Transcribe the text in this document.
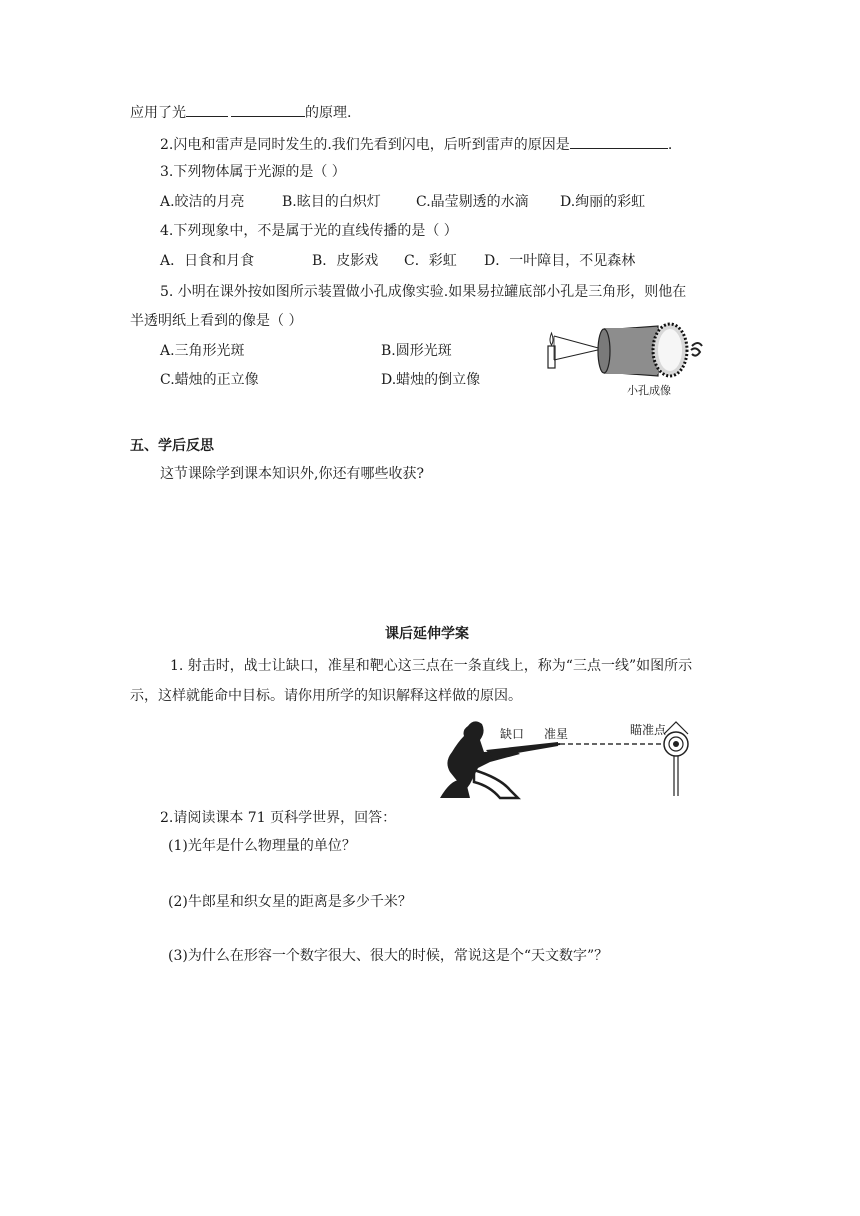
应用了光	的原理.
2.闪电和雷声是同时发生的.我们先看到闪电，后听到雷声的原因是	.
3.下列物体属于光源的是（ ）
A.皎洁的月亮	B.眩目的白炽灯	C.晶莹剔透的水滴 D.绚丽的彩虹
4.下列现象中，不是属于光的直线传播的是（ ）
A．日食和月食	B．皮影戏 C．彩虹 D．一叶障目，不见森林
5. 小明在课外按如图所示装置做小孔成像实验.如果易拉罐底部小孔是三角形，则他在
半透明纸上看到的像是（ ）
A.三角形光斑	B.圆形光斑
C.蜡烛的正立像	D.蜡烛的倒立像
小孔成像
五、学后反思
这节课除学到课本知识外,你还有哪些收获?
课后延伸学案
1. 射击时，战士让缺口，准星和靶心这三点在一条直线上，称为“三点一线”如图所示
示，这样就能命中目标。请你用所学的知识解释这样做的原因。
缺口 准星	瞄准点
2.请阅读课本 71 页科学世界，回答：
(1)光年是什么物理量的单位？
(2)牛郎星和织女星的距离是多少千米？
(3)为什么在形容一个数字很大、很大的时候，常说这是个“天文数字”？
